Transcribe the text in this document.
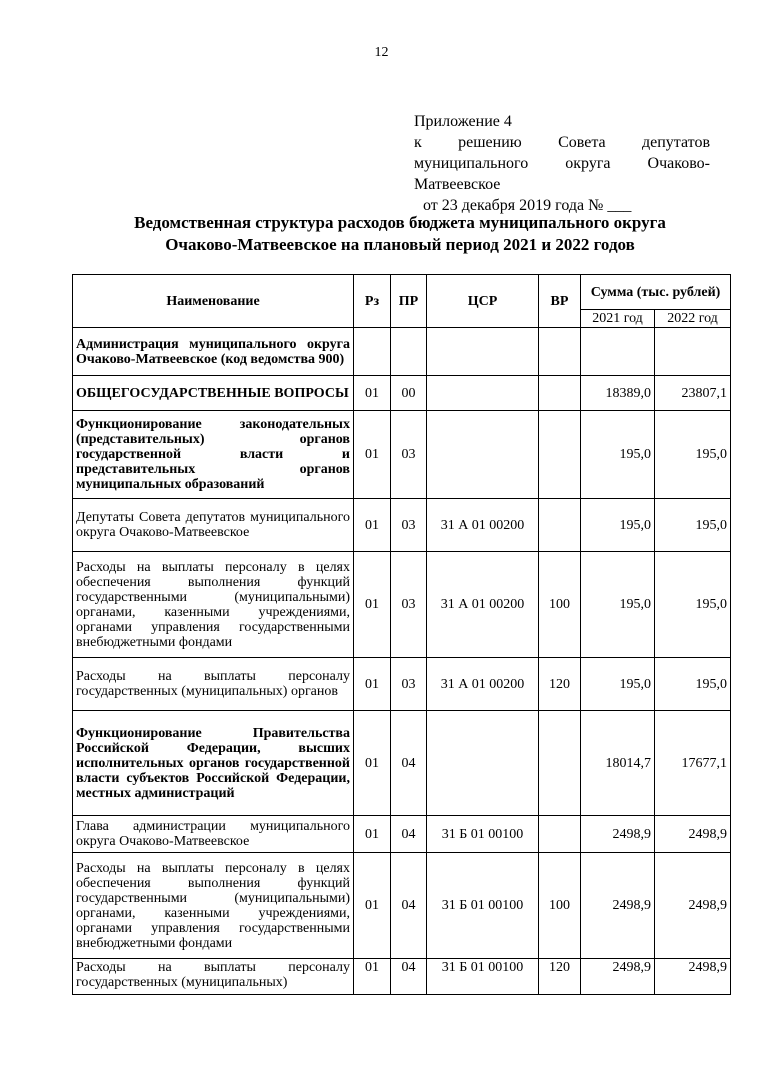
12
Приложение 4
к решению Совета депутатов
муниципального округа Очаково-
Матвеевское
от 23 декабря 2019 года № ___
Ведомственная структура расходов бюджета муниципального округа
Очаково-Матвеевское на плановый период 2021 и 2022 годов
Наименование	Рз	ПР	ЦСР	ВР	Сумма (тыс. рублей)	
					2021 год	2022 год
Администрация муниципального округа Очаково-Матвеевское (код ведомства 900)						
ОБЩЕГОСУДАРСТВЕННЫЕ ВОПРОСЫ	01	00			18389,0	23807,1
Функционирование законодательных (представительных) органов государственной власти и представительных органов муниципальных образований	01	03			195,0	195,0
Депутаты Совета депутатов муниципального округа Очаково-Матвеевское	01	03	31 А 01 00200		195,0	195,0
Расходы на выплаты персоналу в целях обеспечения выполнения функций государственными (муниципальными) органами, казенными учреждениями, органами управления государственными внебюджетными фондами	01	03	31 А 01 00200	100	195,0	195,0
Расходы на выплаты персоналу государственных (муниципальных) органов	01	03	31 А 01 00200	120	195,0	195,0
Функционирование Правительства Российской Федерации, высших исполнительных органов государственной власти субъектов Российской Федерации, местных администраций	01	04			18014,7	17677,1
Глава администрации муниципального округа Очаково-Матвеевское	01	04	31 Б 01 00100		2498,9	2498,9
Расходы на выплаты персоналу в целях обеспечения выполнения функций государственными (муниципальными) органами, казенными учреждениями, органами управления государственными внебюджетными фондами	01	04	31 Б 01 00100	100	2498,9	2498,9
Расходы на выплаты персоналу государственных (муниципальных)	01	04	31 Б 01 00100	120	2498,9	2498,9
